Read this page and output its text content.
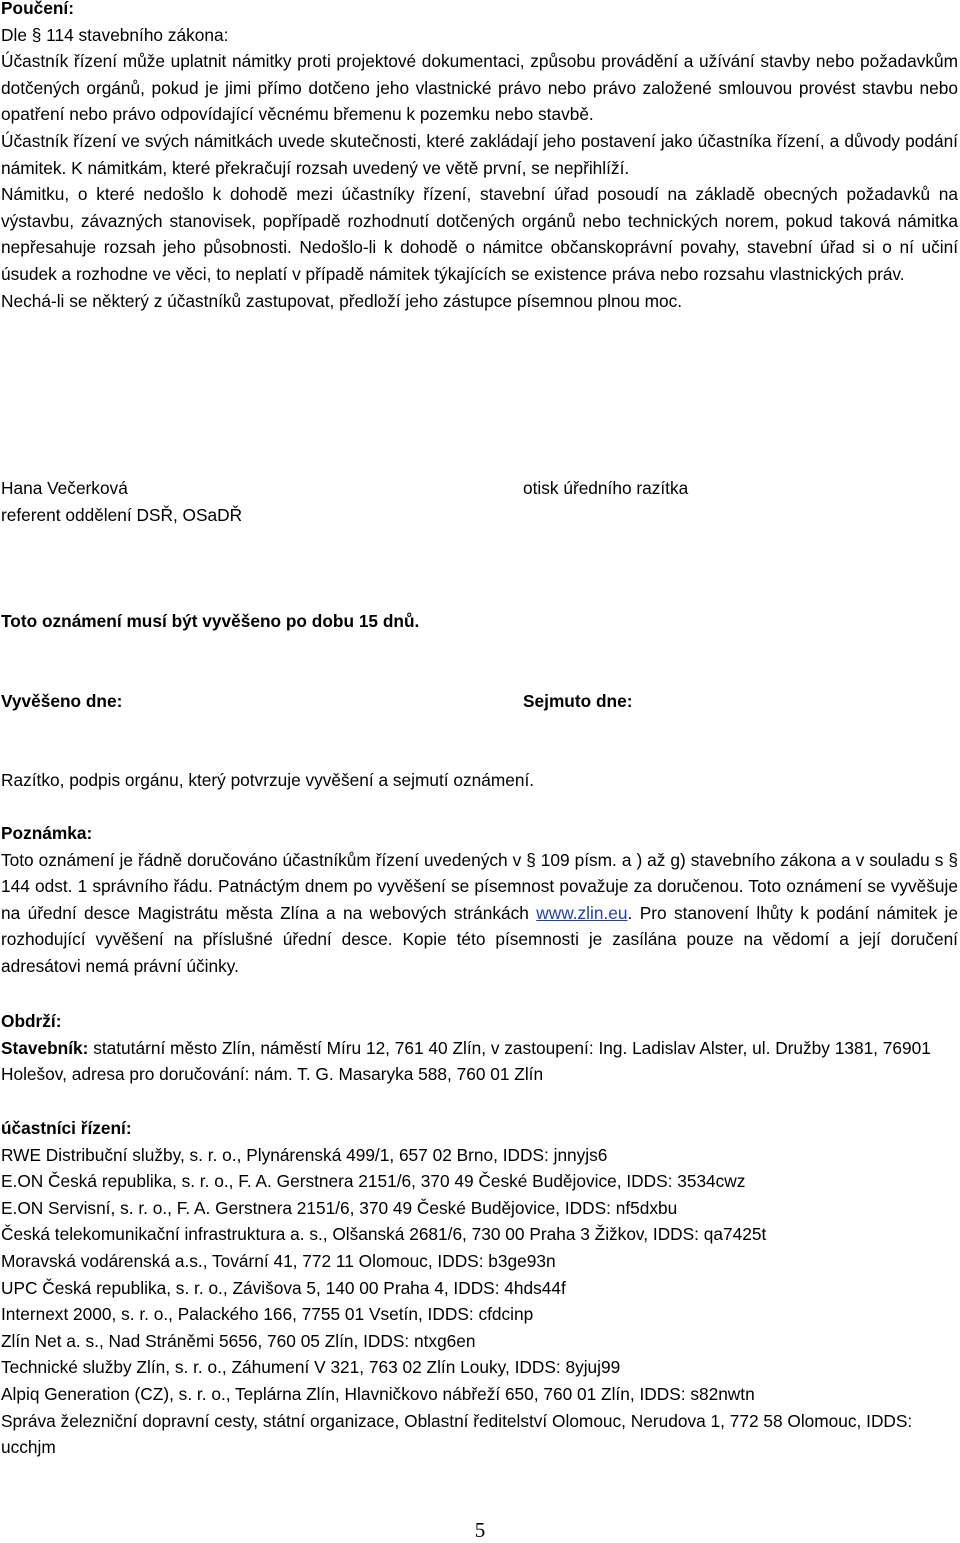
Poučení:

Dle § 114 stavebního zákona:

Účastník řízení může uplatnit námitky proti projektové dokumentaci, způsobu provádění a užívání stavby nebo požadavkům dotčených orgánů, pokud je jimi přímo dotčeno jeho vlastnické právo nebo právo založené smlouvou provést stavbu nebo opatření nebo právo odpovídající věcnému břemenu k pozemku nebo stavbě.

Účastník řízení ve svých námitkách uvede skutečnosti, které zakládají jeho postavení jako účastníka řízení, a důvody podání námitek. K námitkám, které překračují rozsah uvedený ve větě první, se nepřihlíží.

Námitku, o které nedošlo k dohodě mezi účastníky řízení, stavební úřad posoudí na základě obecných požadavků na výstavbu, závazných stanovisek, popřípadě rozhodnutí dotčených orgánů nebo technických norem, pokud taková námitka nepřesahuje rozsah jeho působnosti. Nedošlo-li k dohodě o námitce občanskoprávní povahy, stavební úřad si o ní učiní úsudek a rozhodne ve věci, to neplatí v případě námitek týkajících se existence práva nebo rozsahu vlastnických práv.

Nechá-li se některý z účastníků zastupovat, předloží jeho zástupce písemnou plnou moc.

Hana Večerková

referent oddělení DSŘ, OSaDŘ

otisk úředního razítka

Toto oznámení musí být vyvěšeno po dobu 15 dnů.

Vyvěšeno dne:	Sejmuto dne:

Razítko, podpis orgánu, který potvrzuje vyvěšení a sejmutí oznámení.

Poznámka:

Toto oznámení je řádně doručováno účastníkům řízení uvedených v § 109 písm. a ) až g) stavebního zákona a v souladu s § 144 odst. 1 správního řádu. Patnáctým dnem po vyvěšení se písemnost považuje za doručenou. Toto oznámení se vyvěšuje na úřední desce Magistrátu města Zlína a na webových stránkách www.zlin.eu. Pro stanovení lhůty k podání námitek je rozhodující vyvěšení na příslušné úřední desce. Kopie této písemnosti je zasílána pouze na vědomí a její doručení adresátovi nemá právní účinky.

Obdrží:

Stavebník: statutární město Zlín, náměstí Míru 12, 761 40 Zlín, v zastoupení: Ing. Ladislav Alster, ul. Družby 1381, 76901 Holešov, adresa pro doručování: nám. T. G. Masaryka 588, 760 01 Zlín

účastníci řízení:

RWE Distribuční služby, s. r. o., Plynárenská 499/1, 657 02 Brno, IDDS: jnnyjs6

E.ON Česká republika, s. r. o., F. A. Gerstnera 2151/6, 370 49 České Budějovice, IDDS: 3534cwz

E.ON Servisní, s. r. o., F. A. Gerstnera 2151/6, 370 49 České Budějovice, IDDS: nf5dxbu

Česká telekomunikační infrastruktura a. s., Olšanská 2681/6, 730 00 Praha 3 Žižkov, IDDS: qa7425t

Moravská vodárenská a.s., Tovární 41, 772 11 Olomouc, IDDS: b3ge93n

UPC Česká republika, s. r. o., Závišova 5, 140 00 Praha 4, IDDS: 4hds44f

Internext 2000, s. r. o., Palackého 166, 7755 01 Vsetín, IDDS: cfdcinp

Zlín Net a. s., Nad Stráněmi 5656, 760 05 Zlín, IDDS: ntxg6en

Technické služby Zlín, s. r. o., Záhumení V 321, 763 02 Zlín Louky, IDDS: 8yjuj99

Alpiq Generation (CZ), s. r. o., Teplárna Zlín, Hlavničkovo nábřeží 650, 760 01 Zlín, IDDS: s82nwtn

Správa železniční dopravní cesty, státní organizace, Oblastní ředitelství Olomouc, Nerudova 1, 772 58 Olomouc, IDDS: ucchjm

5
